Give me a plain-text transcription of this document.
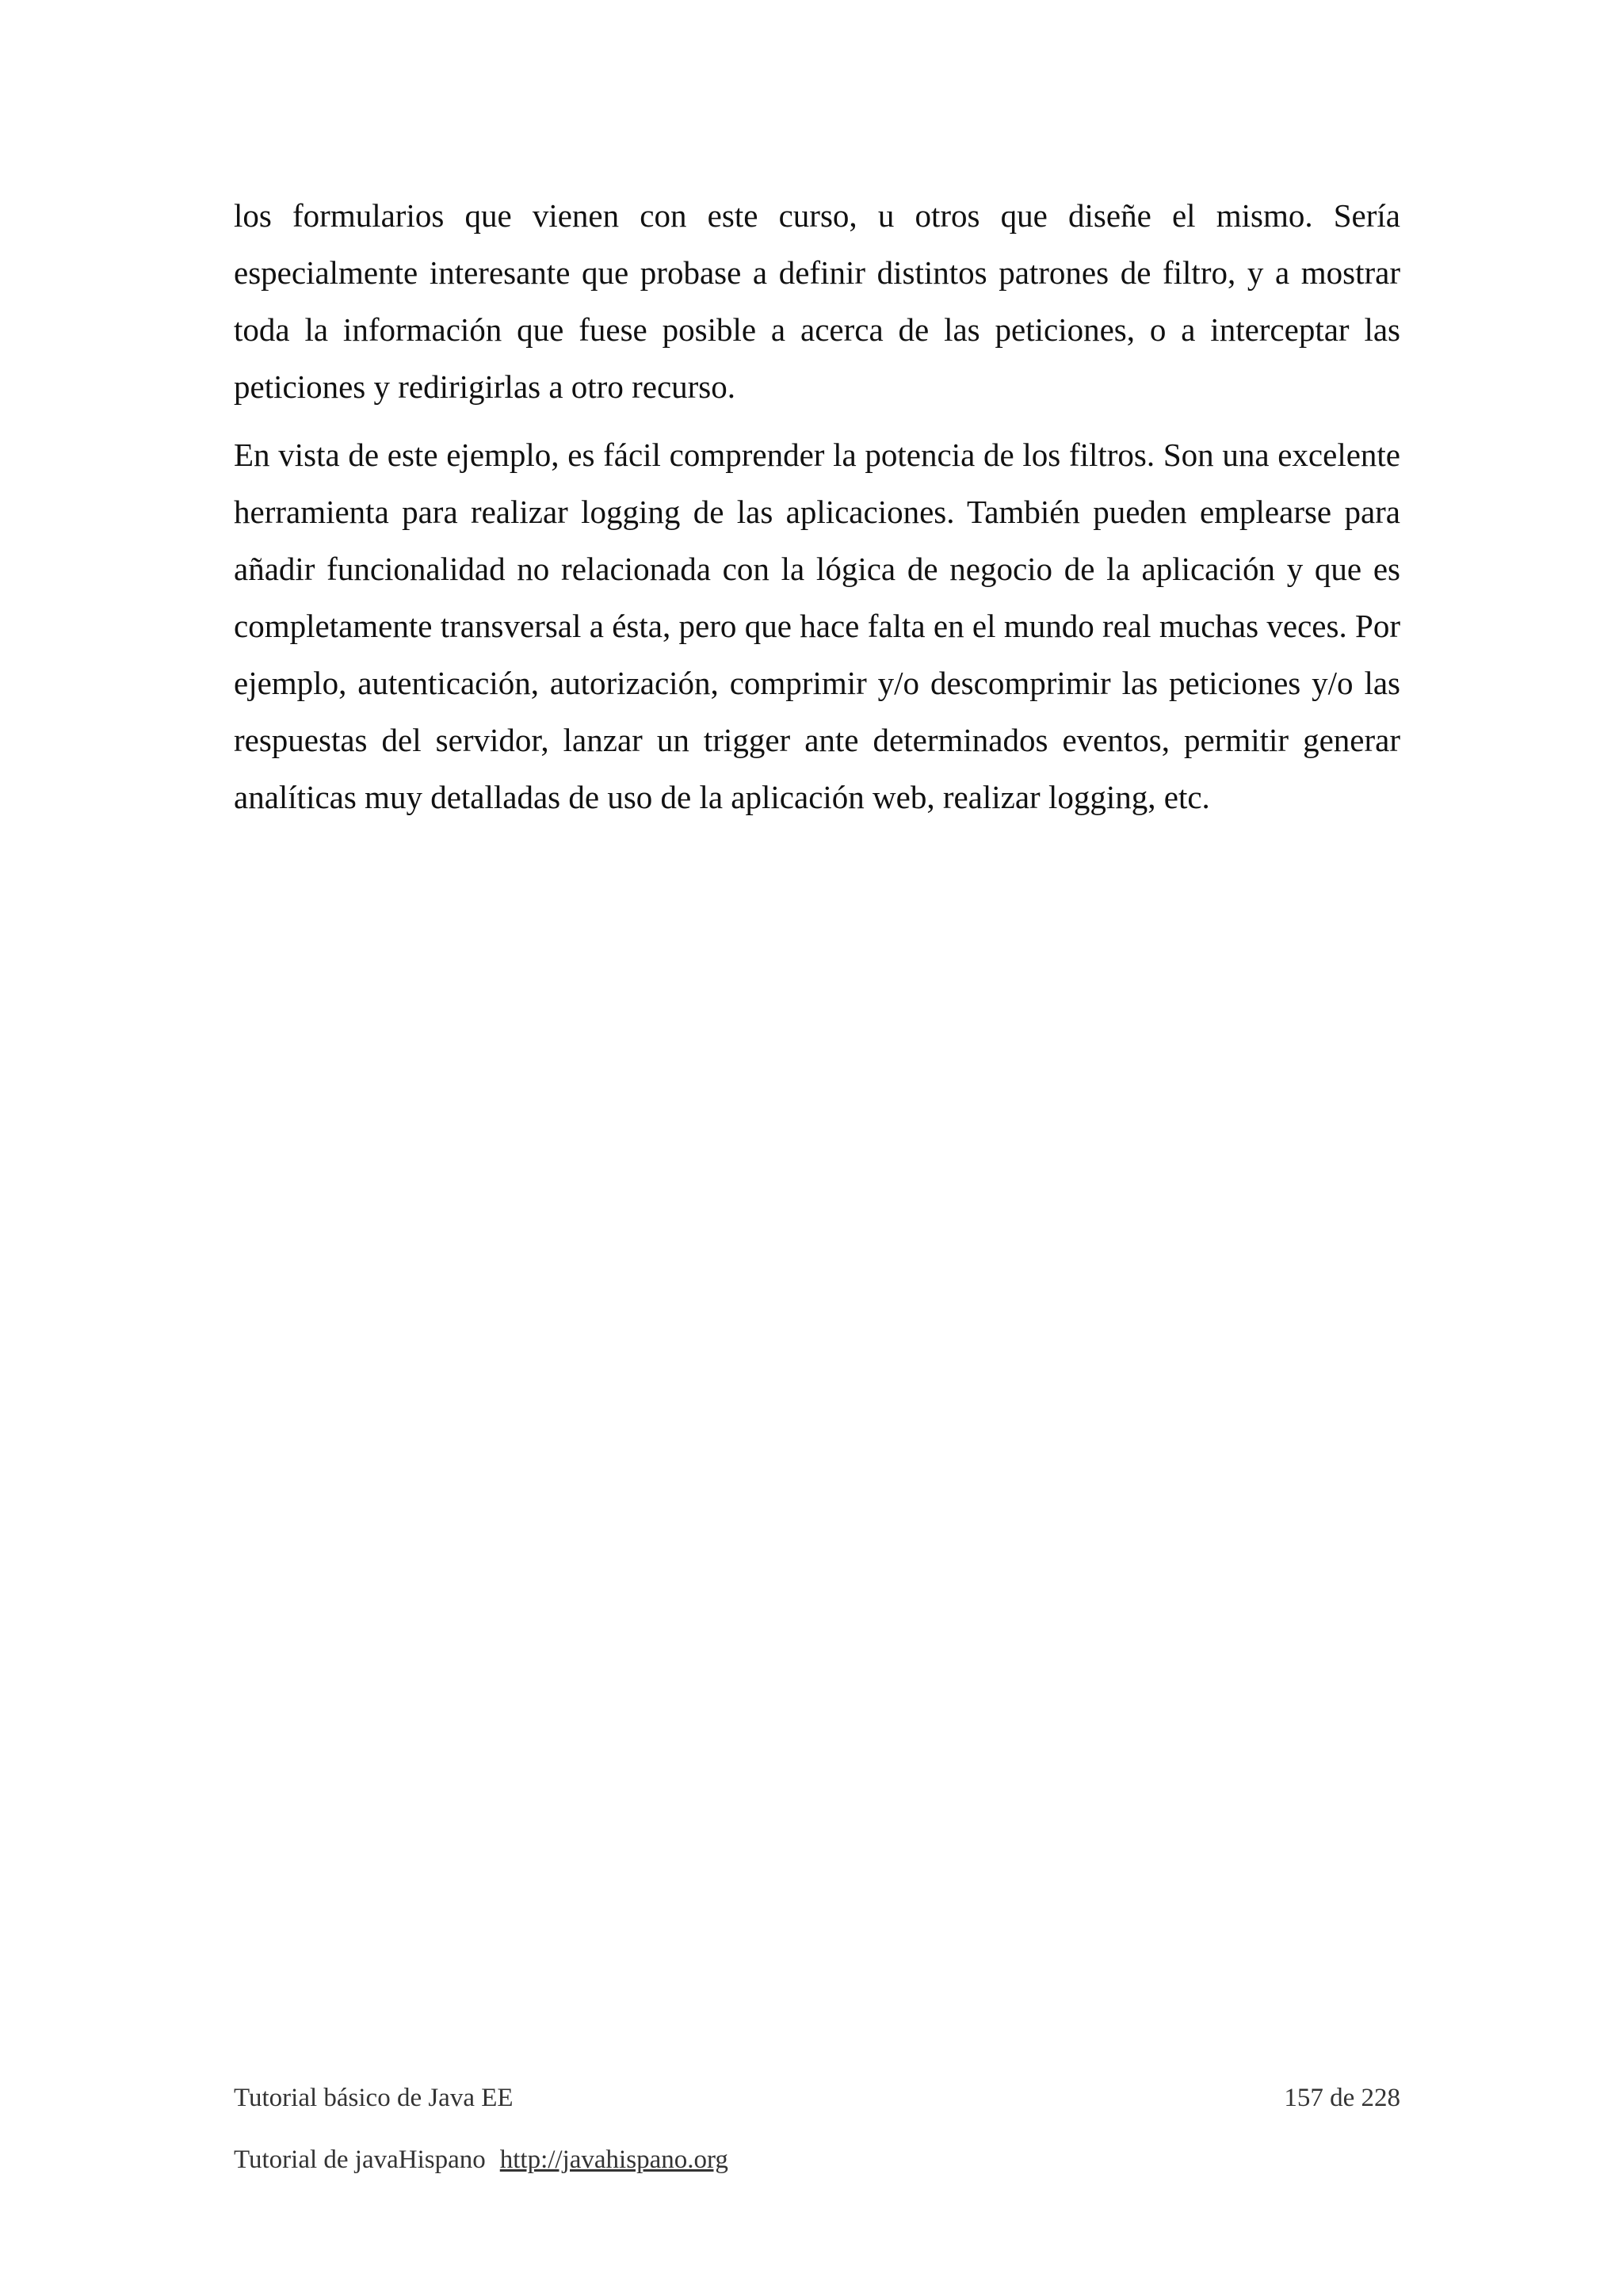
los formularios que vienen con este curso, u otros que diseñe el mismo. Sería especialmente interesante que probase a definir distintos patrones de filtro, y a mostrar toda la información que fuese posible a acerca de las peticiones, o a interceptar las peticiones y redirigirlas a otro recurso.

En vista de este ejemplo, es fácil comprender la potencia de los filtros. Son una excelente herramienta para realizar logging de las aplicaciones. También pueden emplearse para añadir funcionalidad no relacionada con la lógica de negocio de la aplicación y que es completamente transversal a ésta, pero que hace falta en el mundo real muchas veces. Por ejemplo, autenticación, autorización, comprimir y/o descomprimir las peticiones y/o las respuestas del servidor, lanzar un trigger ante determinados eventos, permitir generar analíticas muy detalladas de uso de la aplicación web, realizar logging, etc.

Tutorial básico de Java EE	157 de 228
Tutorial de javaHispano http://javahispano.org
